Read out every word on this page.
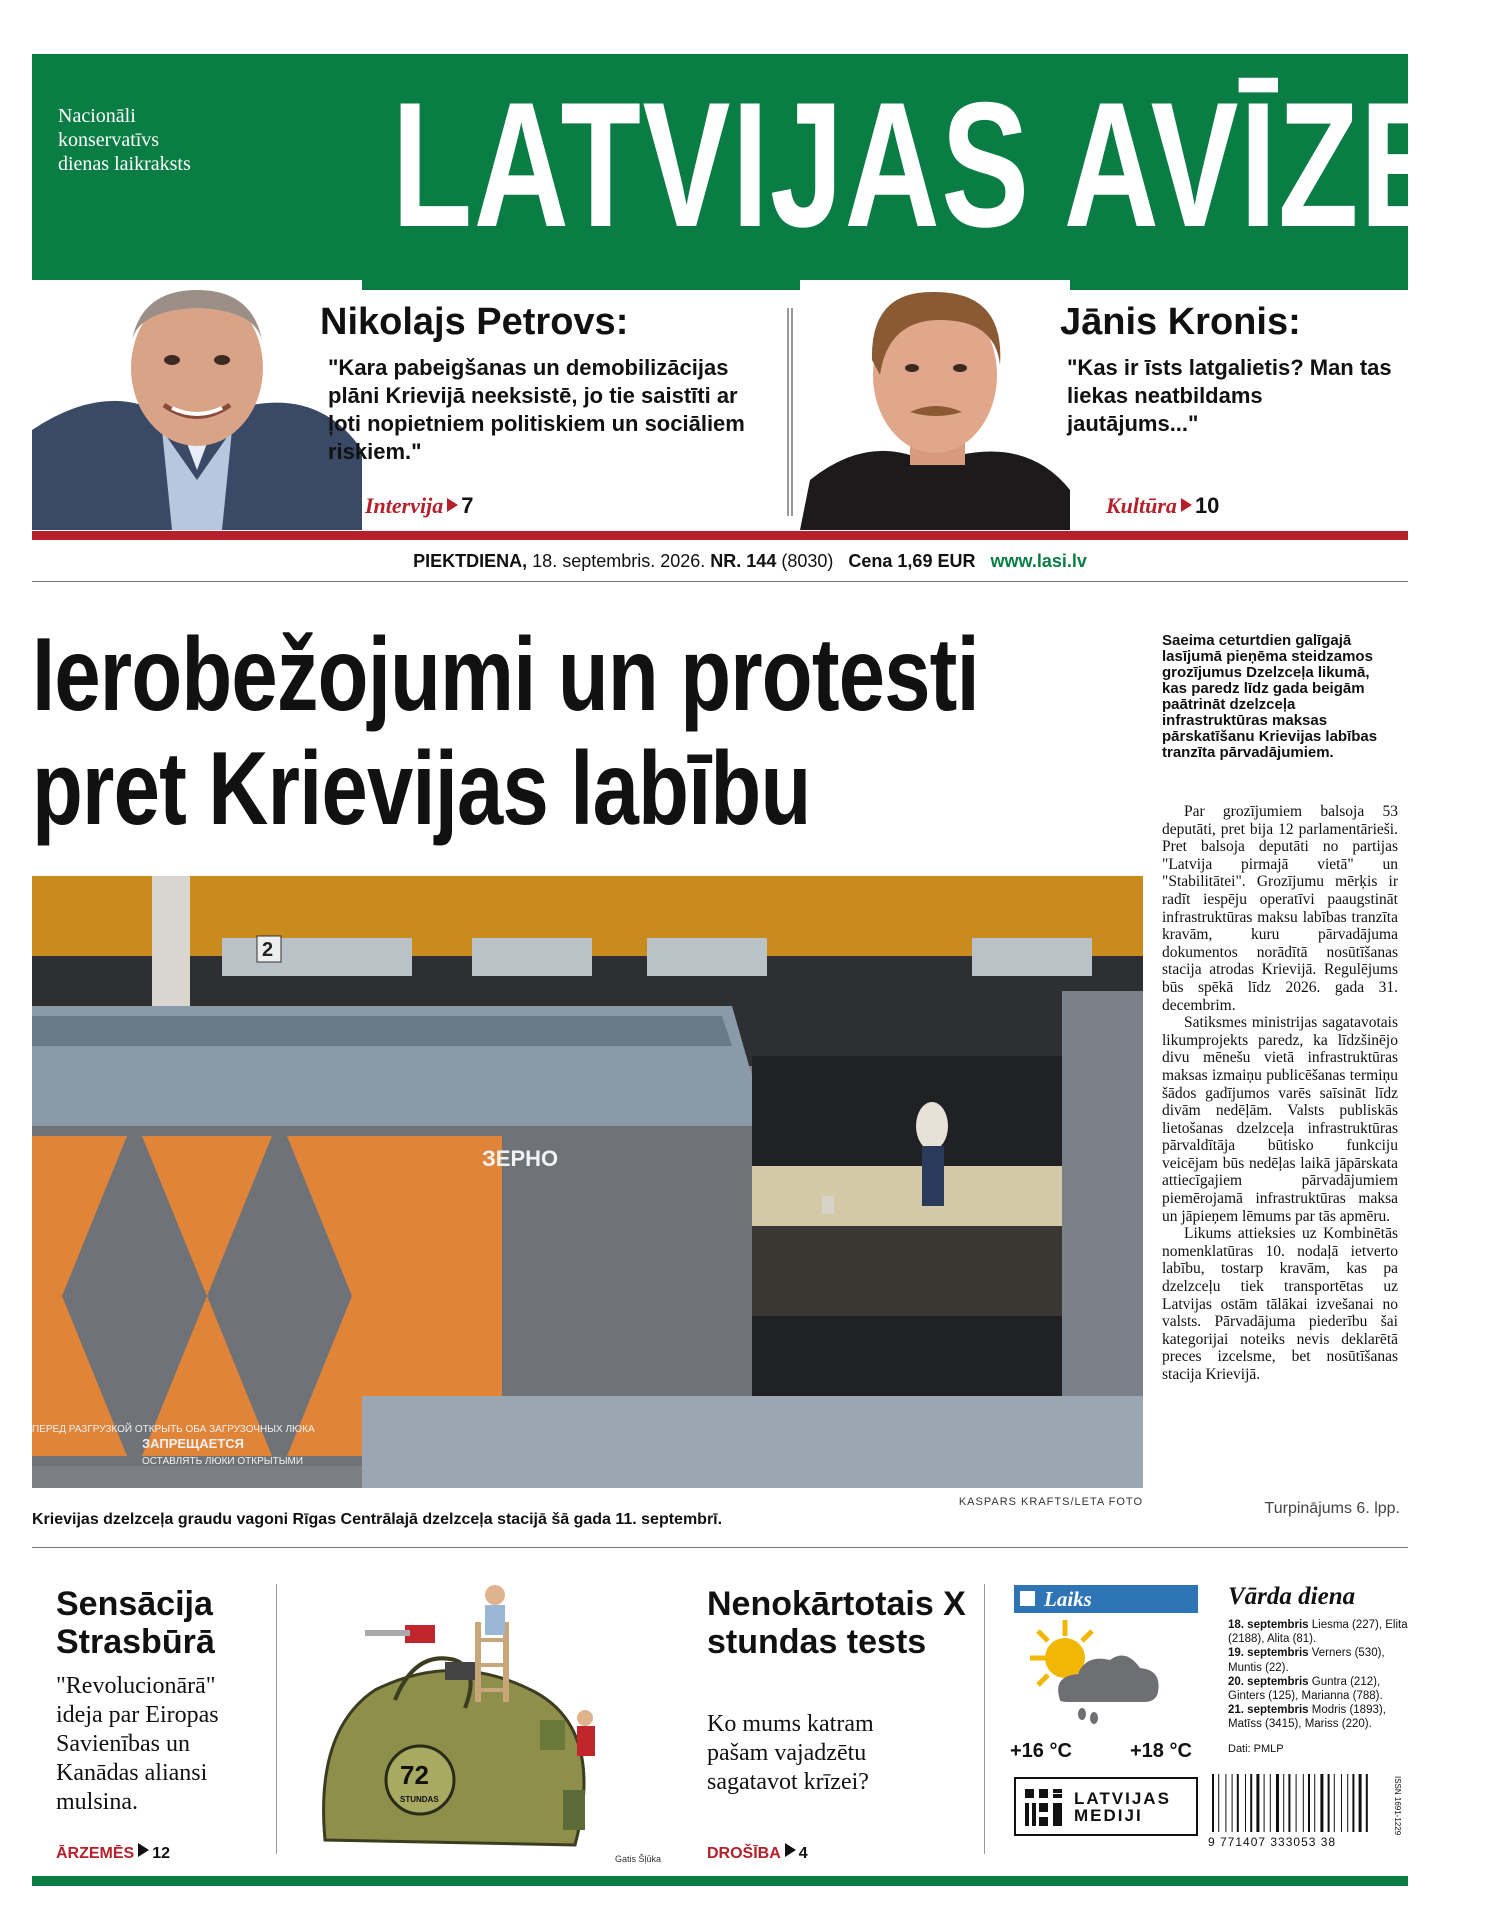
Nacionāli konservatīvs dienas laikraksts LATVIJAS AVĪZE
Nikolajs Petrovs:
"Kara pabeigšanas un demobilizācijas plāni Krievijā neeksistē, jo tie saistīti ar ļoti nopietniem politiskiem un sociāliem riskiem."
Intervija 7
Jānis Kronis:
"Kas ir īsts latgalietis? Man tas liekas neatbildams jautājums..."
Kultūra 10
PIEKTDIENA, 18. septembris. 2026. NR. 144 (8030) Cena 1,69 EUR www.lasi.lv
Ierobežojumi un protesti
pret Krievijas labību
Saeima ceturtdien galīgajā lasījumā pieņēma steidzamos grozījumus Dzelzceļa likumā, kas paredz līdz gada beigām paātrināt dzelzceļa infrastruktūras maksas pārskatīšanu Krievijas labības tranzīta pārvadājumiem.

Par grozījumiem balsoja 53 deputāti, pret bija 12 parlamentārieši. Pret balsoja deputāti no partijas "Latvija pirmajā vietā" un "Stabilitātei". Grozījumu mērķis ir radīt iespēju operatīvi paaugstināt infrastruktūras maksu labības tranzīta kravām, kuru pārvadājuma dokumentos norādītā nosūtīšanas stacija atrodas Krievijā. Regulējums būs spēkā līdz 2026. gada 31. decembrim.

Satiksmes ministrijas sagatavotais likumprojekts paredz, ka līdzšinējo divu mēnešu vietā infrastruktūras maksas izmaiņu publicēšanas termiņu šādos gadījumos varēs saīsināt līdz divām nedēļām. Valsts publiskās lietošanas dzelzceļa infrastruktūras pārvaldītāja būtisko funkciju veicējam būs nedēļas laikā jāpārskata attiecīgajiem pārvadājumiem piemērojamā infrastruktūras maksa un jāpieņem lēmums par tās apmēru.

Likums attieksies uz Kombinētās nomenklatūras 10. nodaļā ietverto labību, tostarp kravām, kas pa dzelzceļu tiek transportētas uz Latvijas ostām tālākai izvešanai no valsts. Pārvadājuma piederību šai kategorijai noteiks nevis deklarētā preces izcelsme, bet nosūtīšanas stacija Krievijā.

Turpinājums 6. lpp.
2
ЗЕРНО
ПЕРЕД РАЗГРУЗКОЙ ОТКРЫТЬ ОБА ЗАГРУЗОЧНЫХ ЛЮКА
ЗАПРЕЩАЕТСЯ
ОСТАВЛЯТЬ ЛЮКИ ОТКРЫТЫМИ
KASPARS KRAFTS/LETA FOTO
Krievijas dzelzceļa graudu vagoni Rīgas Centrālajā dzelzceļa stacijā šā gada 11. septembrī.
Sensācija Strasbūrā
"Revolucionārā" ideja par Eiropas Savienības un Kanādas aliansi mulsina.
ĀRZEMĒS 12
72
STUNDAS
Gatis Šļūka
Nenokārtotais X stundas tests
Ko mums katram pašam vajadzētu sagatavot krīzei?
DROŠĪBA 4
Laiks
+16 °C	+18 °C
Vārda diena
18. septembris Liesma (227), Elita (2188), Alita (81).
19. septembris Verners (530), Muntis (22).
20. septembris Guntra (212), Ginters (125), Marianna (788).
21. septembris Modris (1893), Matīss (3415), Mariss (220).
Dati: PMLP
LATVIJAS
MEDIJI
9 771407 333053 38
ISSN 1691-1229
